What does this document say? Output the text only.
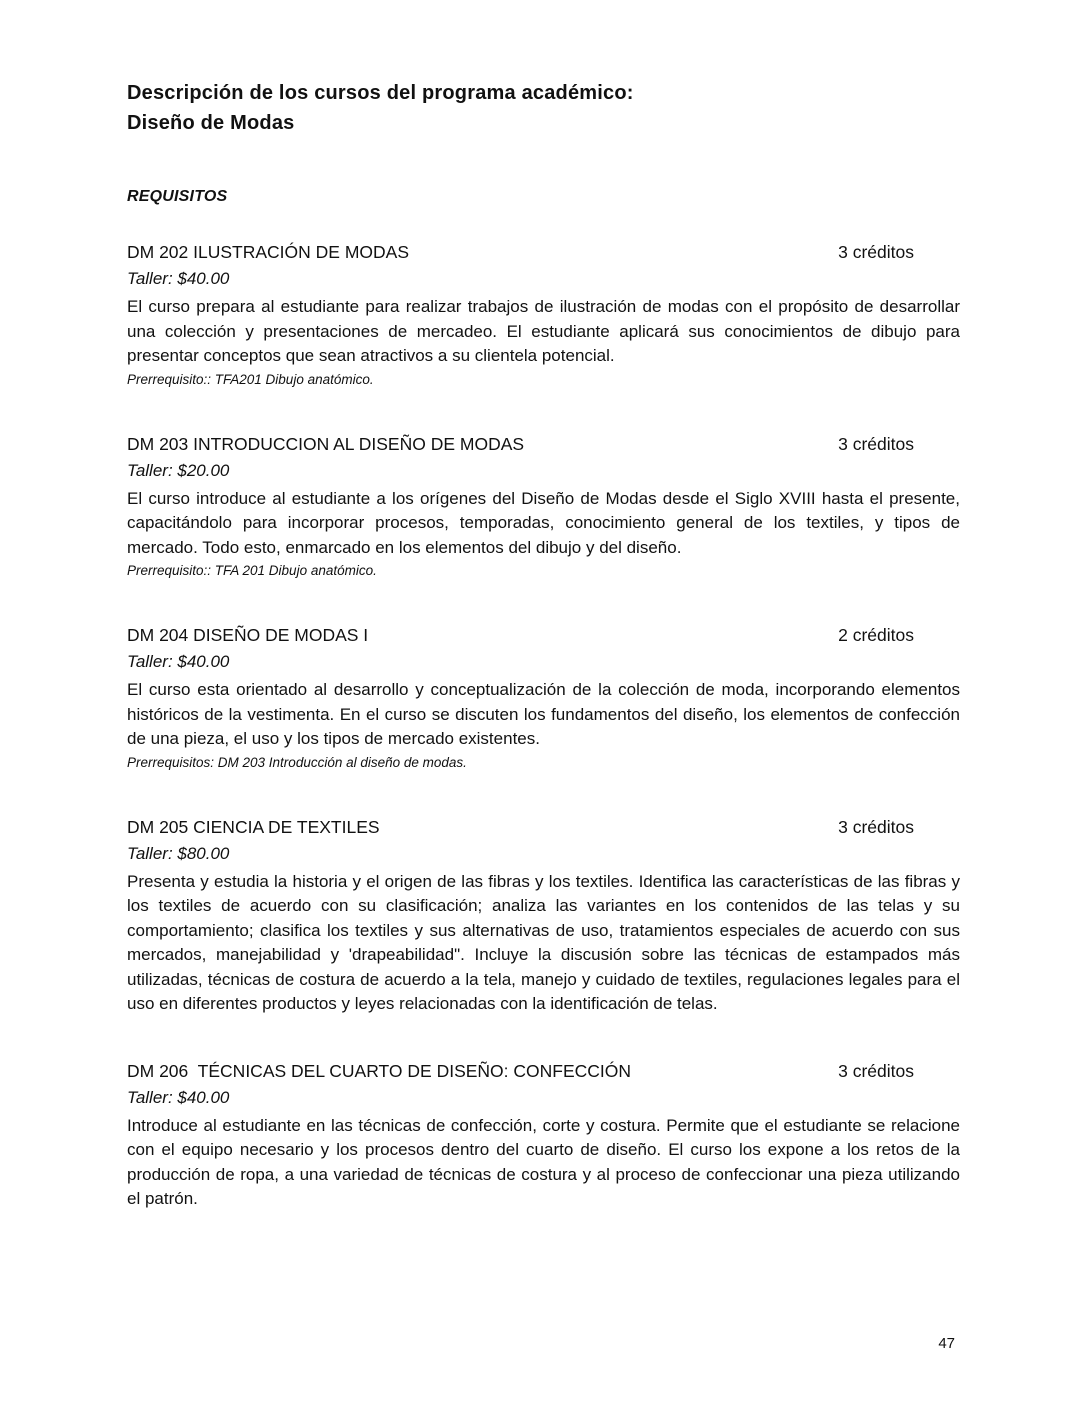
Descripción de los cursos del programa académico:
Diseño de Modas
REQUISITOS
DM 202 ILUSTRACIÓN DE MODAS	3 créditos
Taller: $40.00
El curso prepara al estudiante para realizar trabajos de ilustración de modas con el propósito de desarrollar una colección y presentaciones de mercadeo. El estudiante aplicará sus conocimientos de dibujo para presentar conceptos que sean atractivos a su clientela potencial.
Prerrequisito:: TFA201 Dibujo anatómico.
DM 203 INTRODUCCION AL DISEÑO DE MODAS	3 créditos
Taller: $20.00
El curso introduce al estudiante a los orígenes del Diseño de Modas desde el Siglo XVIII hasta el presente, capacitándolo para incorporar procesos, temporadas, conocimiento general de los textiles, y tipos de mercado. Todo esto, enmarcado en los elementos del dibujo y del diseño.
Prerrequisito:: TFA 201 Dibujo anatómico.
DM 204 DISEÑO DE MODAS I	2 créditos
Taller: $40.00
El curso esta orientado al desarrollo y conceptualización de la colección de moda, incorporando elementos históricos de la vestimenta. En el curso se discuten los fundamentos del diseño, los elementos de confección de una pieza, el uso y los tipos de mercado existentes.
Prerrequisitos: DM 203 Introducción al diseño de modas.
DM 205 CIENCIA DE TEXTILES	3 créditos
Taller: $80.00
Presenta y estudia la historia y el origen de las fibras y los textiles. Identifica las características de las fibras y los textiles de acuerdo con su clasificación; analiza las variantes en los contenidos de las telas y su comportamiento; clasifica los textiles y sus alternativas de uso, tratamientos especiales de acuerdo con sus mercados, manejabilidad y 'drapeabilidad". Incluye la discusión sobre las técnicas de estampados más utilizadas, técnicas de costura de acuerdo a la tela, manejo y cuidado de textiles, regulaciones legales para el uso en diferentes productos y leyes relacionadas con la identificación de telas.
DM 206  TÉCNICAS DEL CUARTO DE DISEÑO: CONFECCIÓN	3 créditos
Taller: $40.00
Introduce al estudiante en las técnicas de confección, corte y costura. Permite que el estudiante se relacione con el equipo necesario y los procesos dentro del cuarto de diseño. El curso los expone a los retos de la producción de ropa, a una variedad de técnicas de costura y al proceso de confeccionar una pieza utilizando el patrón.
47
